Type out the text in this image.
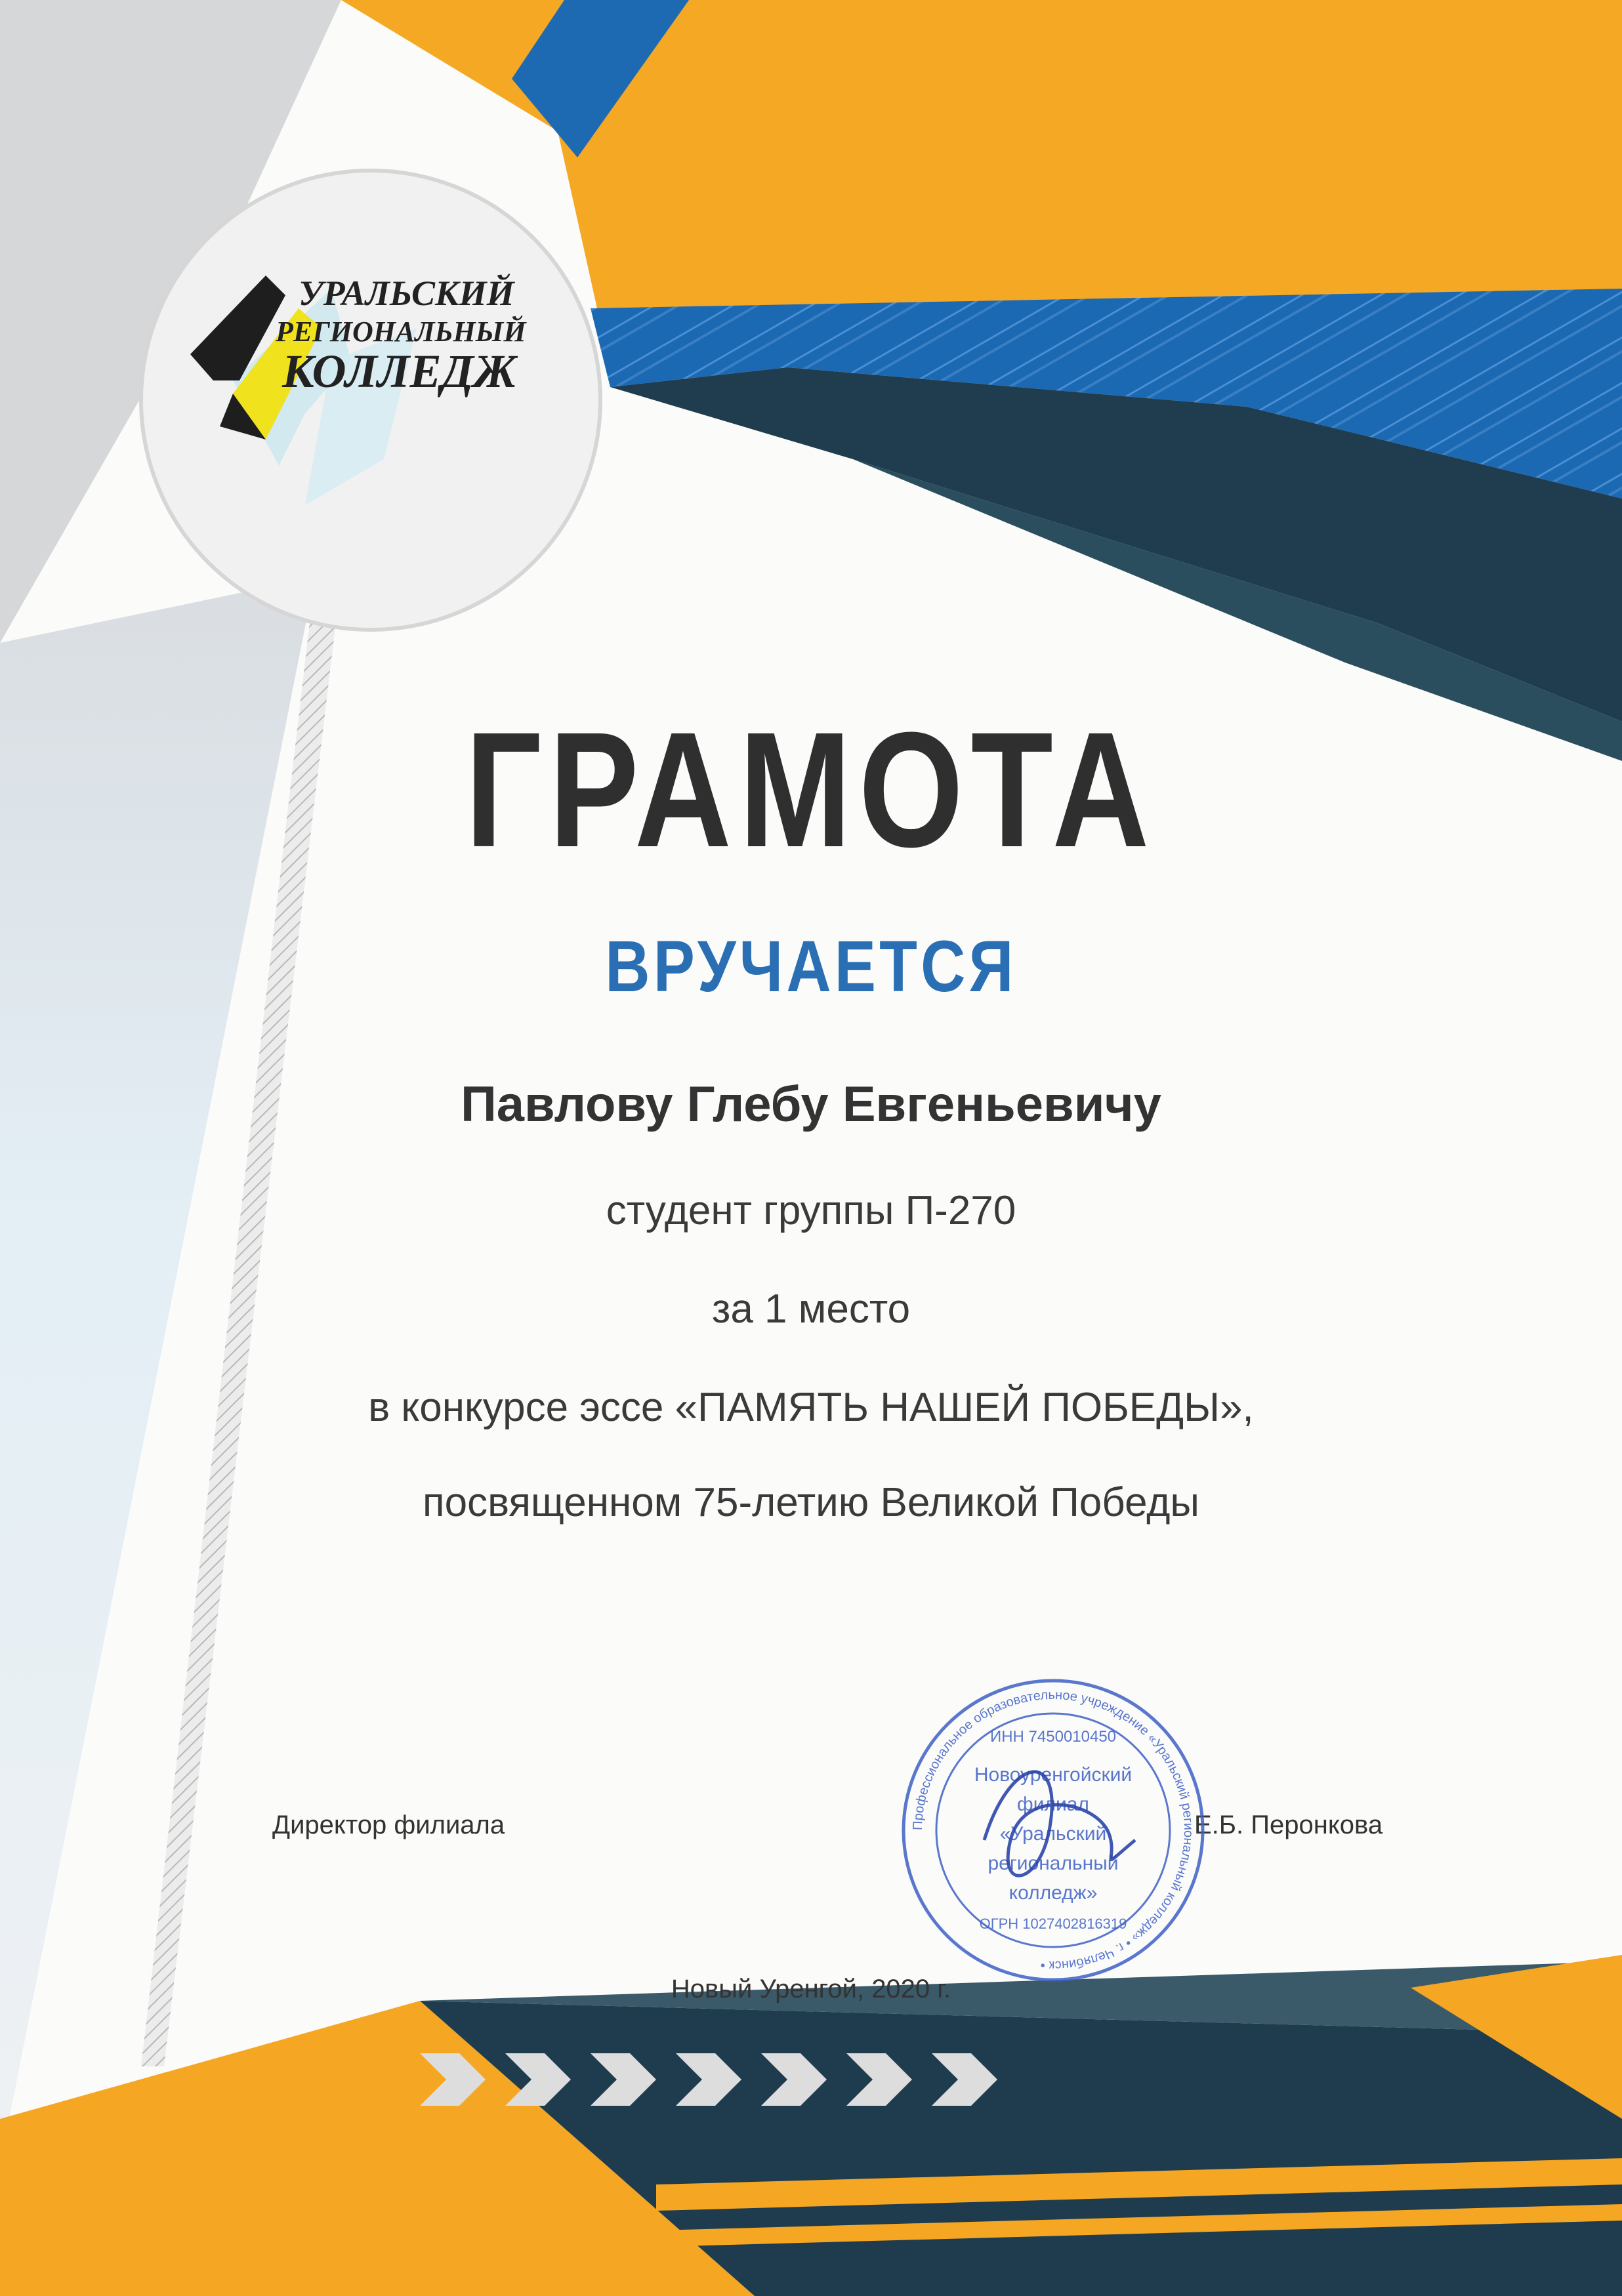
УРАЛЬСКИЙ
РЕГИОНАЛЬНЫЙ
КОЛЛЕДЖ
ГРАМОТА
ВРУЧАЕТСЯ
Павлову Глебу Евгеньевичу
студент группы П-270
за 1 место
в конкурсе эссе «ПАМЯТЬ НАШЕЙ ПОБЕДЫ»,
посвященном 75-летию Великой Победы
Директор филиала	Е.Б. Перонкова
Профессиональное образовательное учреждение «Уральский региональный колледж» • г. Челябинск •
ИНН 7450010450
Новоуренгойский
филиал
«Уральский
региональный
колледж»
ОГРН 1027402816319
Новый Уренгой, 2020 г.
